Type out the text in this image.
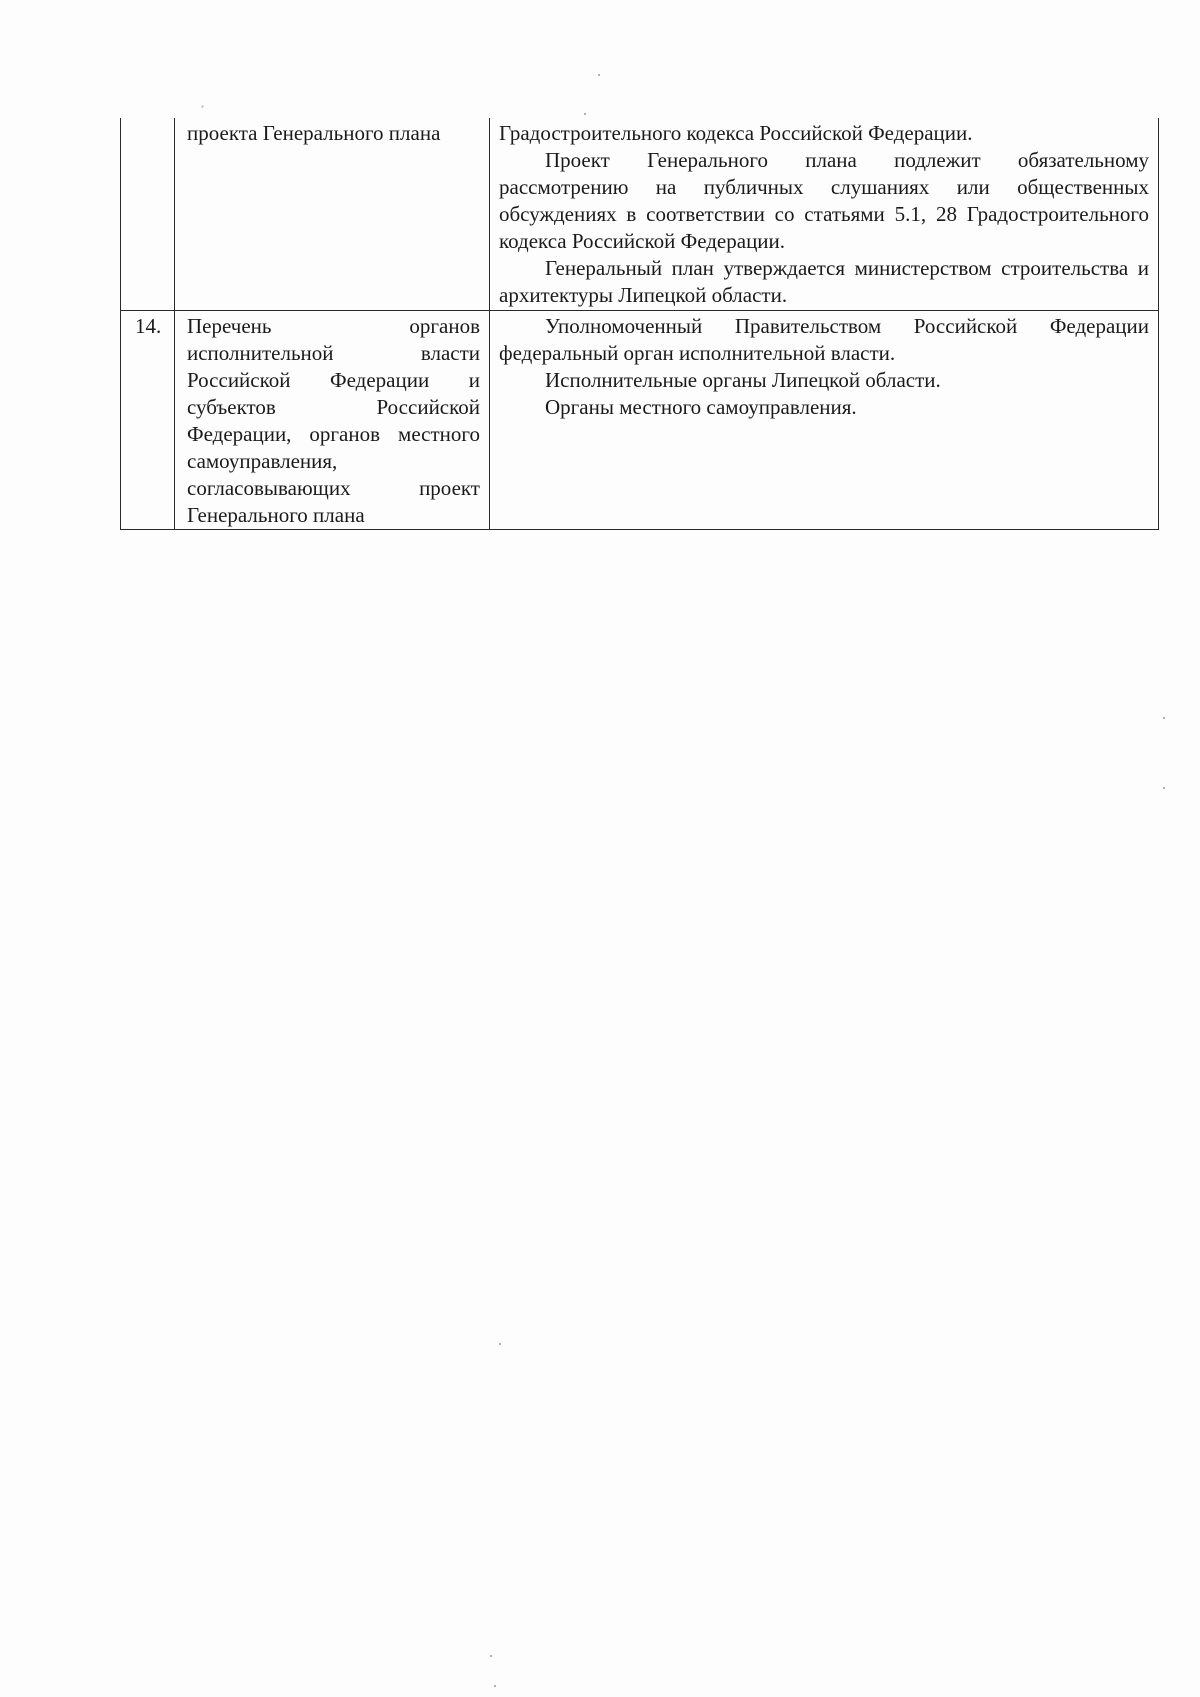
	проекта Генерального плана	Градостроительного кодекса Российской Федерации.

Проект Генерального плана подлежит обязательному рассмотрению на публичных слушаниях или общественных обсуждениях в соответствии со статьями 5.1, 28 Градостроительного кодекса Российской Федерации.

Генеральный план утверждается министерством строительства и архитектуры Липецкой области.

14.	Перечень органов исполнительной власти Российской Федерации и субъектов Российской Федерации, органов местного самоуправления, согласовывающих проект Генерального плана	Уполномоченный Правительством Российской Федерации федеральный орган исполнительной власти.

Исполнительные органы Липецкой области.

Органы местного самоуправления.
